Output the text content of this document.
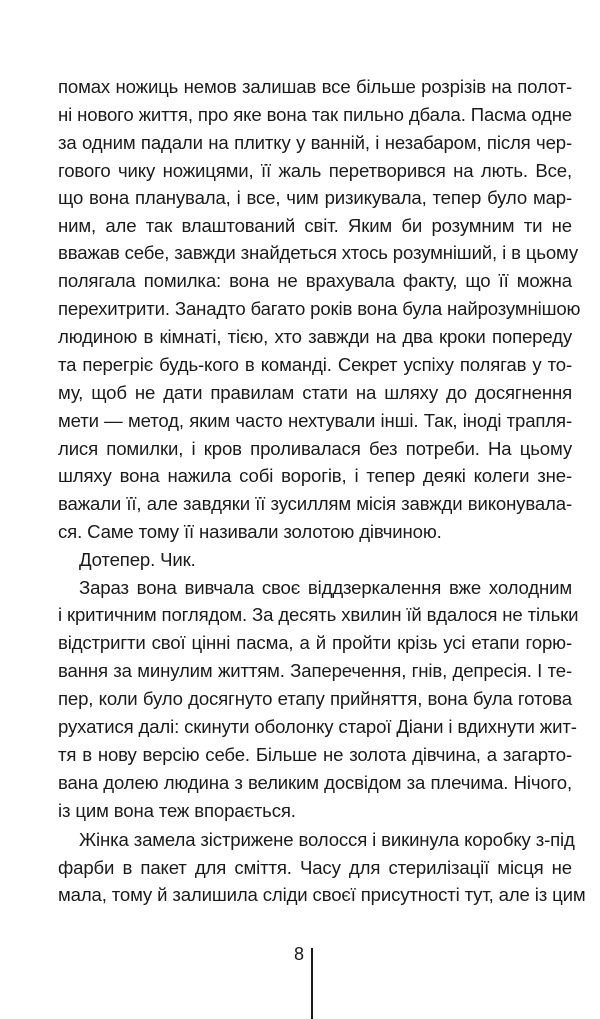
помах ножиць немов залишав все більше розрізів на полот-
ні нового життя, про яке вона так пильно дбала. Пасма одне
за одним падали на плитку у ванній, і незабаром, після чер-
гового чику ножицями, її жаль перетворився на лють. Все,
що вона планувала, і все, чим ризикувала, тепер було мар-
ним, але так влаштований світ. Яким би розумним ти не
вважав себе, завжди знайдеться хтось розумніший, і в цьому
полягала помилка: вона не врахувала факту, що її можна
перехитрити. Занадто багато років вона була найрозумнішою
людиною в кімнаті, тією, хто завжди на два кроки попереду
та перегріє будь-кого в команді. Секрет успіху полягав у то-
му, щоб не дати правилам стати на шляху до досягнення
мети — метод, яким часто нехтували інші. Так, іноді трапля-
лися помилки, і кров проливалася без потреби. На цьому
шляху вона нажила собі ворогів, і тепер деякі колеги зне-
важали її, але завдяки її зусиллям місія завжди виконувала-
ся. Саме тому її називали золотою дівчиною.
Дотепер. Чик.
Зараз вона вивчала своє віддзеркалення вже холодним
і критичним поглядом. За десять хвилин їй вдалося не тільки
відстригти свої цінні пасма, а й пройти крізь усі етапи горю-
вання за минулим життям. Заперечення, гнів, депресія. І те-
пер, коли було досягнуто етапу прийняття, вона була готова
рухатися далі: скинути оболонку старої Діани і вдихнути жит-
тя в нову версію себе. Більше не золота дівчина, а загарто-
вана долею людина з великим досвідом за плечима. Нічого,
із цим вона теж впорається.
Жінка замела зістрижене волосся і викинула коробку з-під
фарби в пакет для сміття. Часу для стерилізації місця не
мала, тому й залишила сліди своєї присутності тут, але із цим
8
